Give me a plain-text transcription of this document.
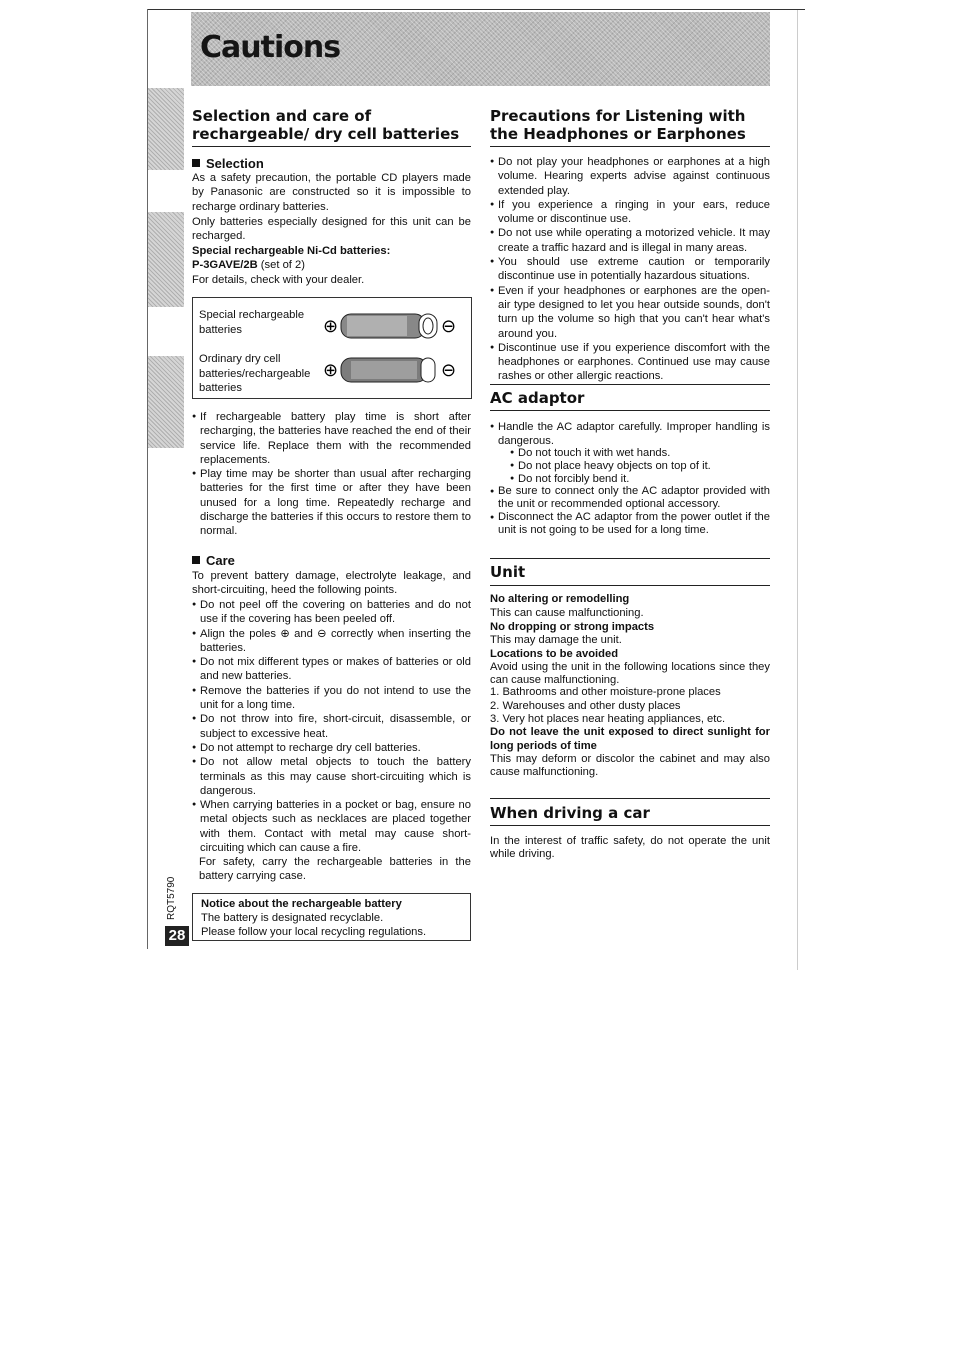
Cautions
Selection and care of rechargeable/ dry cell batteries

Selection

As a safety precaution, the portable CD players made by Panasonic are constructed so it is impossible to recharge ordinary batteries.

Only batteries especially designed for this unit can be recharged.

Special rechargeable Ni-Cd batteries:

P-3GAVE/2B (set of 2)

For details, check with your dealer.

Special rechargeable batteries
Ordinary dry cell batteries/rechargeable batteries
⊕	⊖
⊕	⊖
● If rechargeable battery play time is short after recharging, the batteries have reached the end of their service life. Replace them with the recommended replacements.
● Play time may be shorter than usual after recharging batteries for the first time or after they have been unused for a long time. Repeatedly recharge and discharge the batteries if this occurs to restore them to normal.

Care

To prevent battery damage, electrolyte leakage, and short-circuiting, heed the following points.

● Do not peel off the covering on batteries and do not use if the covering has been peeled off.
● Align the poles ⊕ and ⊖ correctly when inserting the batteries.
● Do not mix different types or makes of batteries or old and new batteries.
● Remove the batteries if you do not intend to use the unit for a long time.
● Do not throw into fire, short-circuit, disassemble, or subject to excessive heat.
● Do not attempt to recharge dry cell batteries.
● Do not allow metal objects to touch the battery terminals as this may cause short-circuiting which is dangerous.
● When carrying batteries in a pocket or bag, ensure no metal objects such as necklaces are placed together with them. Contact with metal may cause short-circuiting which can cause a fire.

For safety, carry the rechargeable batteries in the battery carrying case.

Notice about the rechargeable battery

The battery is designated recyclable.

Please follow your local recycling regulations.

RQT5790
28
Precautions for Listening with the Headphones or Earphones
● Do not play your headphones or earphones at a high volume. Hearing experts advise against continuous extended play.
● If you experience a ringing in your ears, reduce volume or discontinue use.
● Do not use while operating a motorized vehicle. It may create a traffic hazard and is illegal in many areas.
● You should use extreme caution or temporarily discontinue use in potentially hazardous situations.
● Even if your headphones or earphones are the open-air type designed to let you hear outside sounds, don't turn up the volume so high that you can't hear what's around you.
● Discontinue use if you experience discomfort with the headphones or earphones. Continued use may cause rashes or other allergic reactions.
AC adaptor
● Handle the AC adaptor carefully. Improper handling is dangerous.
● Do not touch it with wet hands.
● Do not place heavy objects on top of it.
● Do not forcibly bend it.
● Be sure to connect only the AC adaptor provided with the unit or recommended optional accessory.
● Disconnect the AC adaptor from the power outlet if the unit is not going to be used for a long time.
Unit

No altering or remodelling

This can cause malfunctioning.

No dropping or strong impacts

This may damage the unit.

Locations to be avoided

Avoid using the unit in the following locations since they can cause malfunctioning.

1. Bathrooms and other moisture-prone places
2. Warehouses and other dusty places
3. Very hot places near heating appliances, etc.

Do not leave the unit exposed to direct sunlight for long periods of time

This may deform or discolor the cabinet and may also cause malfunctioning.

When driving a car

In the interest of traffic safety, do not operate the unit while driving.
